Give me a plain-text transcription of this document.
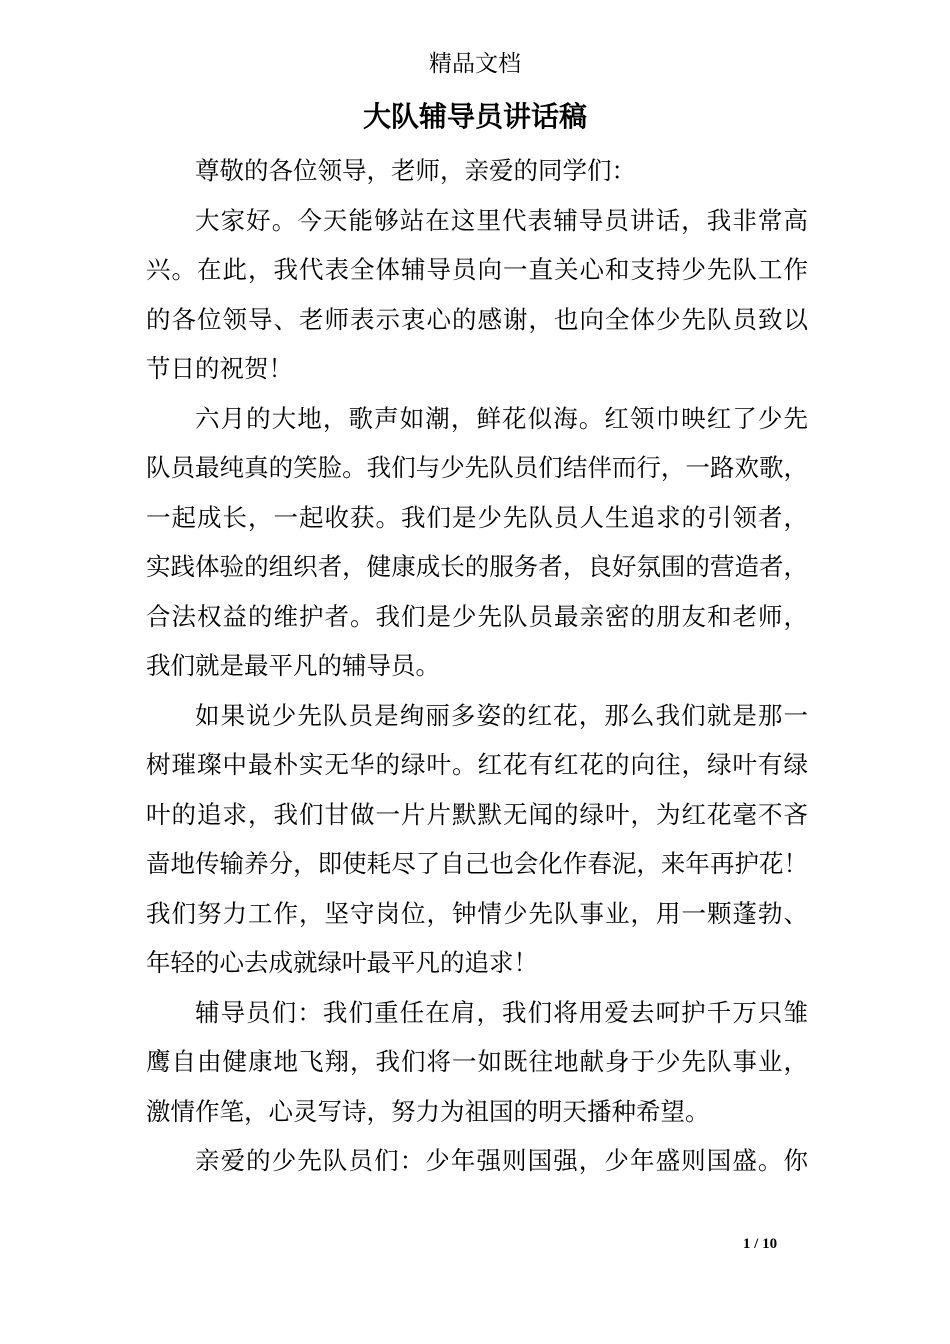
精品文档
大队辅导员讲话稿

尊敬的各位领导，老师，亲爱的同学们：

大家好。今天能够站在这里代表辅导员讲话，我非常高
兴。在此，我代表全体辅导员向一直关心和支持少先队工作
的各位领导、老师表示衷心的感谢，也向全体少先队员致以
节日的祝贺！

六月的大地，歌声如潮，鲜花似海。红领巾映红了少先
队员最纯真的笑脸。我们与少先队员们结伴而行，一路欢歌，
一起成长，一起收获。我们是少先队员人生追求的引领者，
实践体验的组织者，健康成长的服务者，良好氛围的营造者，
合法权益的维护者。我们是少先队员最亲密的朋友和老师，
我们就是最平凡的辅导员。

如果说少先队员是绚丽多姿的红花，那么我们就是那一
树璀璨中最朴实无华的绿叶。红花有红花的向往，绿叶有绿
叶的追求，我们甘做一片片默默无闻的绿叶，为红花毫不吝
啬地传输养分，即使耗尽了自己也会化作春泥，来年再护花！
我们努力工作，坚守岗位，钟情少先队事业，用一颗蓬勃、
年轻的心去成就绿叶最平凡的追求！

辅导员们：我们重任在肩，我们将用爱去呵护千万只雏
鹰自由健康地飞翔，我们将一如既往地献身于少先队事业，
激情作笔，心灵写诗，努力为祖国的明天播种希望。

亲爱的少先队员们：少年强则国强，少年盛则国盛。你

1 / 10
